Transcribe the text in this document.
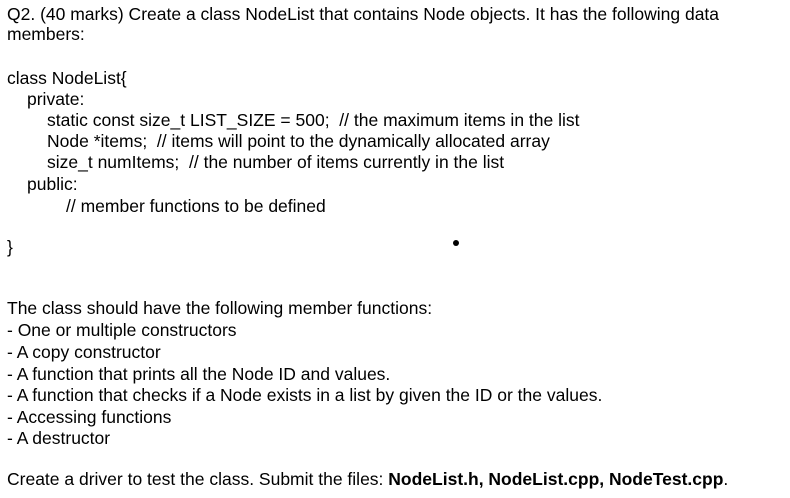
Q2. (40 marks) Create a class NodeList that contains Node objects. It has the following data
members:
class NodeList{
private:
static const size_t LIST_SIZE = 500;  // the maximum items in the list
Node *items;  // items will point to the dynamically allocated array
size_t numItems;  // the number of items currently in the list
public:
// member functions to be defined
}
The class should have the following member functions:
- One or multiple constructors
- A copy constructor
- A function that prints all the Node ID and values.
- A function that checks if a Node exists in a list by given the ID or the values.
- Accessing functions
- A destructor
Create a driver to test the class. Submit the files: NodeList.h, NodeList.cpp, NodeTest.cpp.
